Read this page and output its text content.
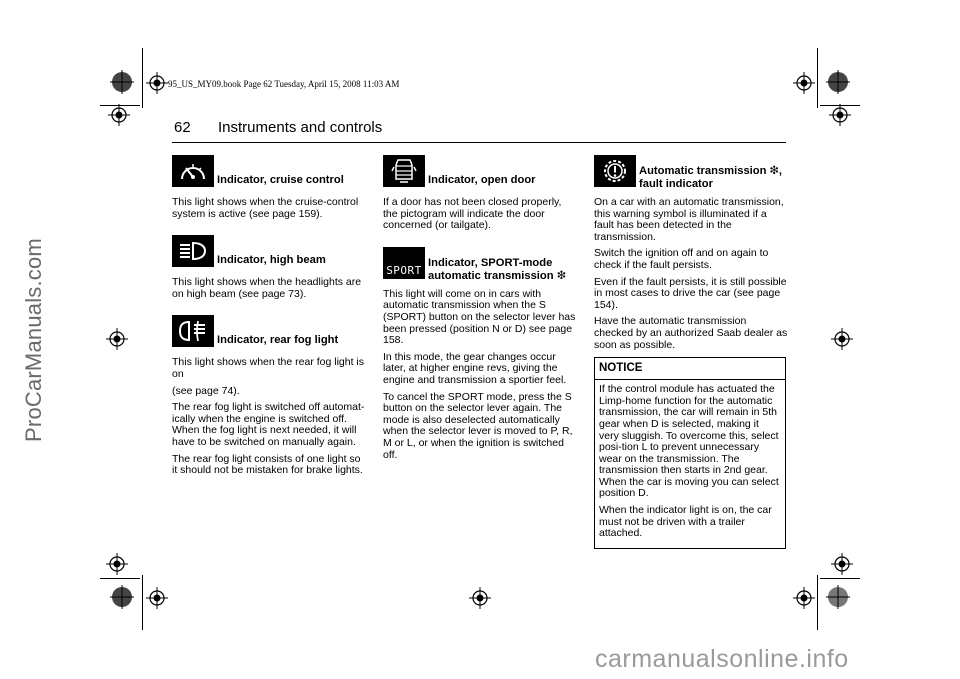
ProCarManuals.com
carmanualsonline.info
95_US_MY09.book Page 62 Tuesday, April 15, 2008 11:03 AM
62 Instruments and controls
Indicator, cruise control

This light shows when the cruise-control system is active (see page 159).

Indicator, high beam

This light shows when the headlights are on high beam (see page 73).

Indicator, rear fog light

This light shows when the rear fog light is on

(see page 74).

The rear fog light is switched off automat-ically when the engine is switched off. When the fog light is next needed, it will have to be switched on manually again.

The rear fog light consists of one light so it should not be mistaken for brake lights.

Indicator, open door

If a door has not been closed properly, the pictogram will indicate the door concerned (or tailgate).

SPORT
Indicator, SPORT-mode
automatic transmission ❇

This light will come on in cars with automatic transmission when the S (SPORT) button on the selector lever has been pressed (position N or D) see page 158.

In this mode, the gear changes occur later, at higher engine revs, giving the engine and transmission a sportier feel.

To cancel the SPORT mode, press the S button on the selector lever again. The mode is also deselected automatically when the selector lever is moved to P, R, M or L, or when the ignition is switched off.

Automatic transmission ❇,
fault indicator

On a car with an automatic transmission, this warning symbol is illuminated if a fault has been detected in the transmission.

Switch the ignition off and on again to check if the fault persists.

Even if the fault persists, it is still possible in most cases to drive the car (see page 154).

Have the automatic transmission checked by an authorized Saab dealer as soon as possible.

NOTICE

If the control module has actuated the Limp-home function for the automatic transmission, the car will remain in 5th gear when D is selected, making it very sluggish. To overcome this, select posi-tion L to prevent unnecessary wear on the transmission. The transmission then starts in 2nd gear. When the car is moving you can select position D.

When the indicator light is on, the car must not be driven with a trailer attached.
